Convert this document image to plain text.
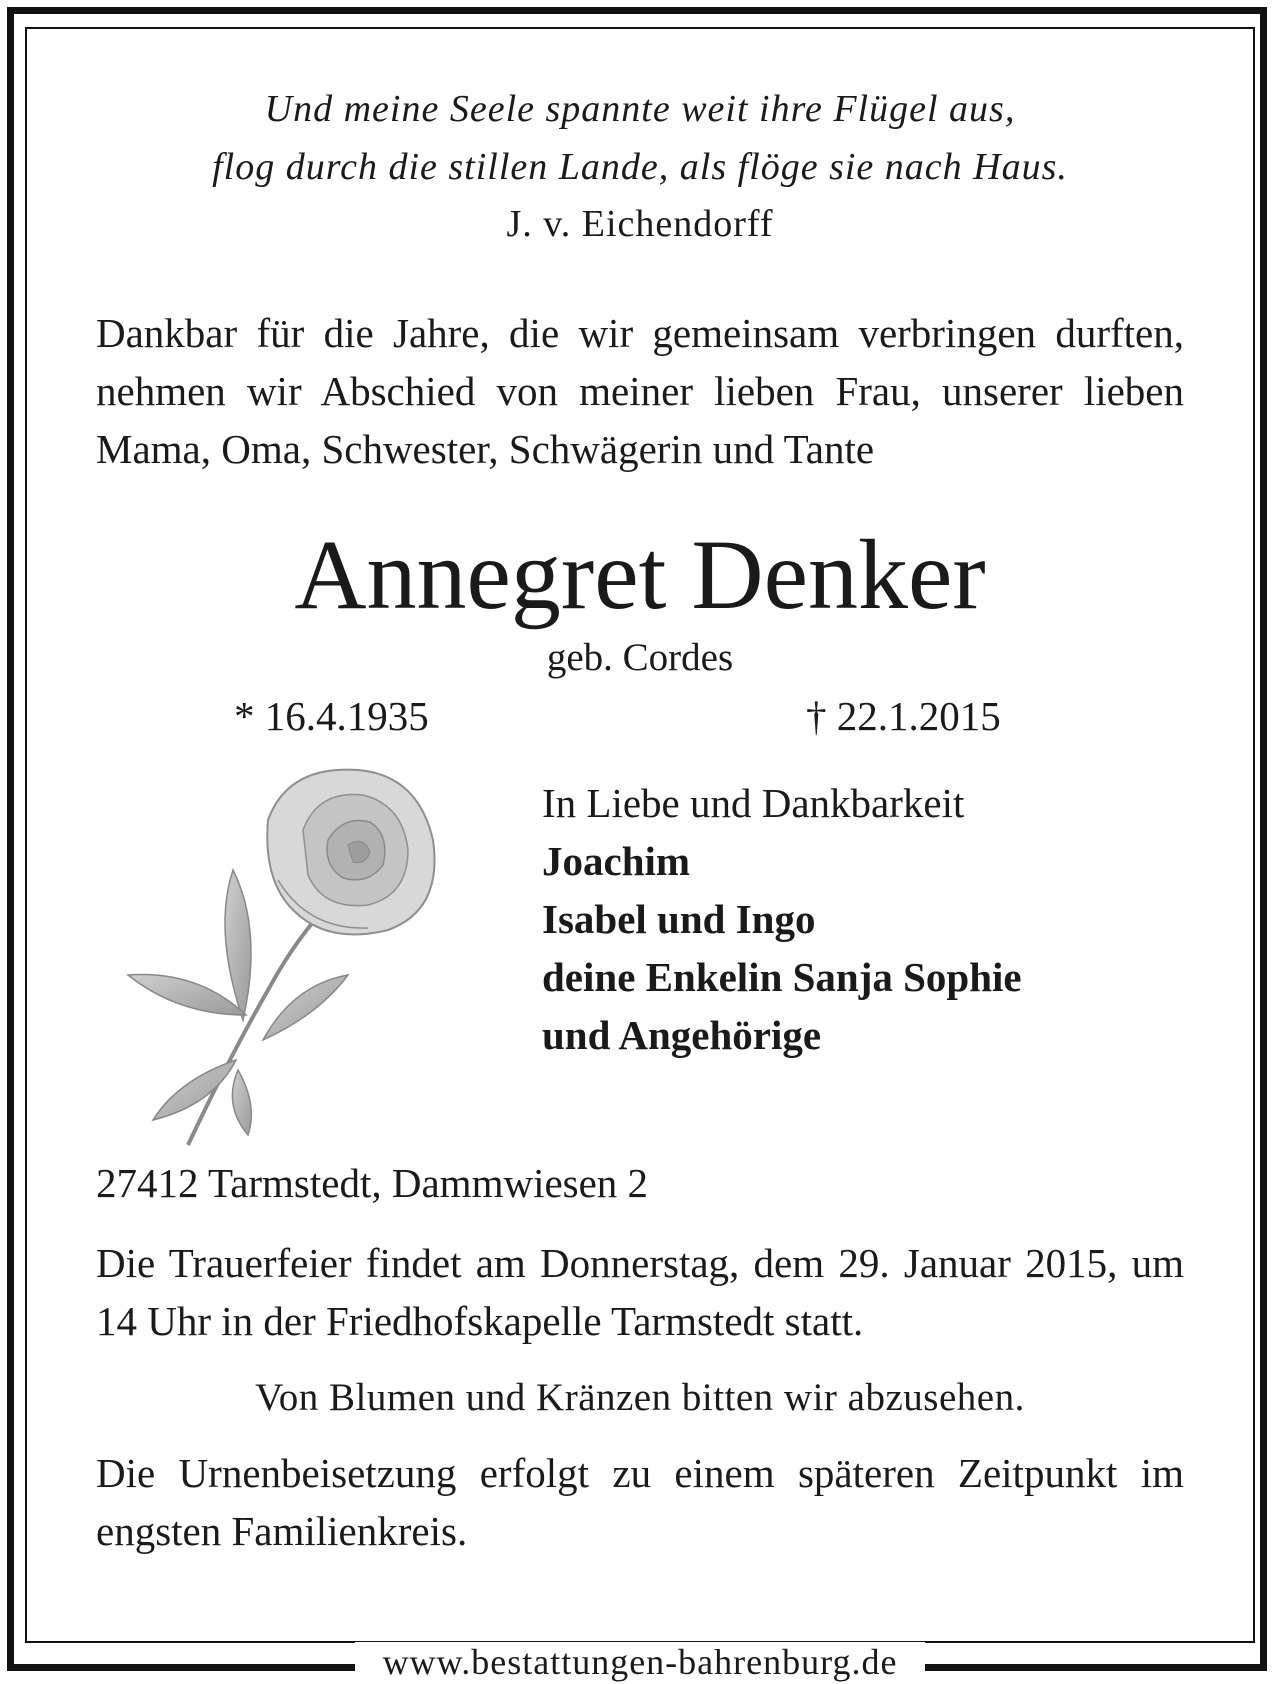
Und meine Seele spannte weit ihre Flügel aus,
flog durch die stillen Lande, als flöge sie nach Haus.
J. v. Eichendorff
Dankbar für die Jahre, die wir gemeinsam verbringen durften, nehmen wir Abschied von meiner lieben Frau, unserer lieben Mama, Oma, Schwester, Schwägerin und Tante
Annegret Denker
geb. Cordes
* 16.4.1935	† 22.1.2015
In Liebe und Dankbarkeit
Joachim
Isabel und Ingo
deine Enkelin Sanja Sophie
und Angehörige
27412 Tarmstedt, Dammwiesen 2
Die Trauerfeier findet am Donnerstag, dem 29. Januar 2015, um 14 Uhr in der Friedhofskapelle Tarmstedt statt.
Von Blumen und Kränzen bitten wir abzusehen.
Die Urnenbeisetzung erfolgt zu einem späteren Zeitpunkt im engsten Familienkreis.
www.bestattungen-bahrenburg.de
